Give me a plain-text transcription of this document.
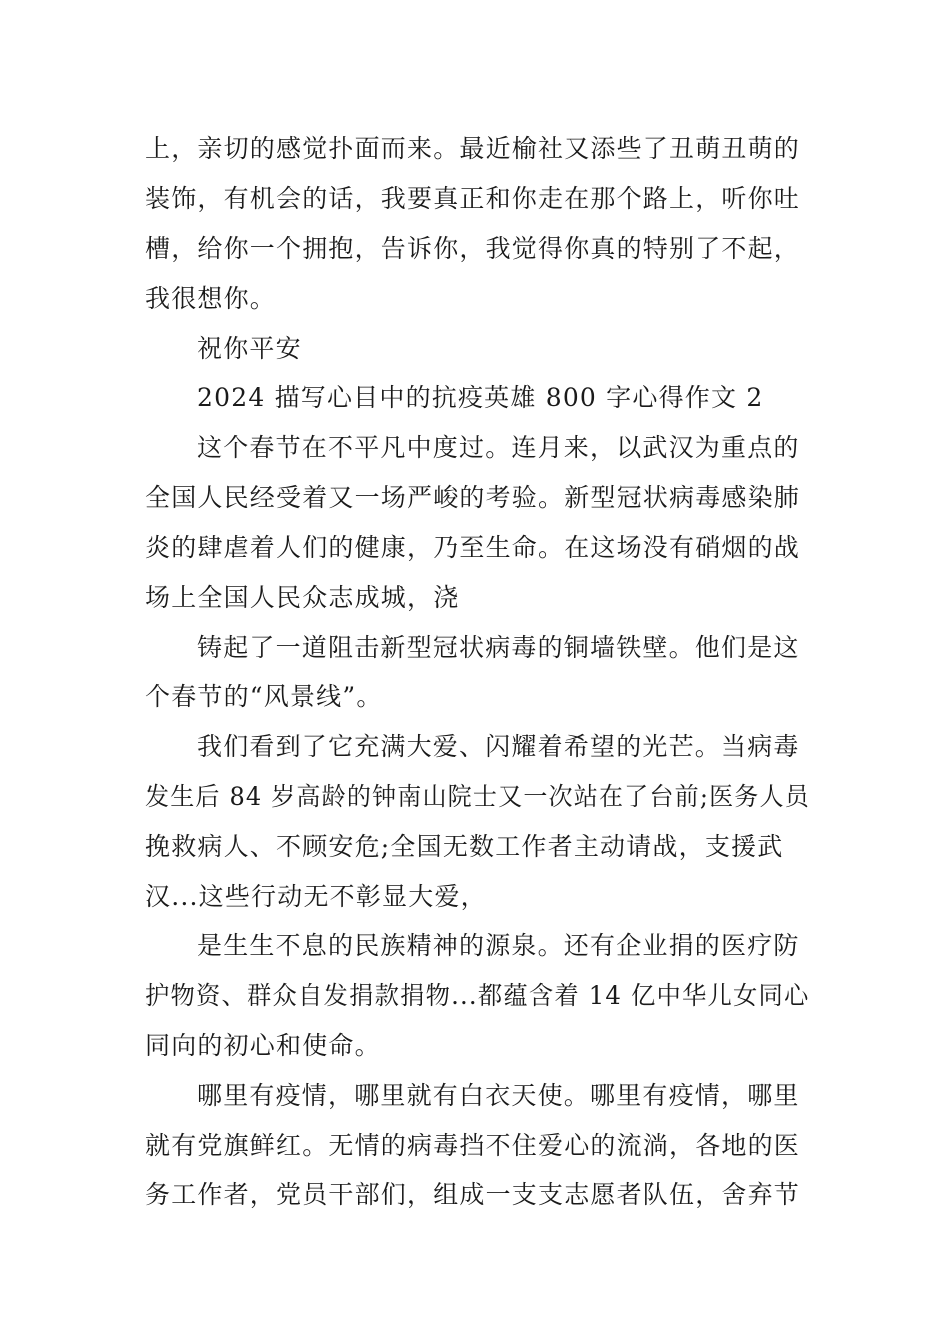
上，亲切的感觉扑面而来。最近榆社又添些了丑萌丑萌的
装饰，有机会的话，我要真正和你走在那个路上，听你吐
槽，给你一个拥抱，告诉你，我觉得你真的特别了不起，
我很想你。
祝你平安
2024 描写心目中的抗疫英雄 800 字心得作文 2
这个春节在不平凡中度过。连月来，以武汉为重点的
全国人民经受着又一场严峻的考验。新型冠状病毒感染肺
炎的肆虐着人们的健康，乃至生命。在这场没有硝烟的战
场上全国人民众志成城，浇
铸起了一道阻击新型冠状病毒的铜墙铁壁。他们是这
个春节的“风景线”。
我们看到了它充满大爱、闪耀着希望的光芒。当病毒
发生后 84 岁高龄的钟南山院士又一次站在了台前;医务人员
挽救病人、不顾安危;全国无数工作者主动请战，支援武
汉...这些行动无不彰显大爱，
是生生不息的民族精神的源泉。还有企业捐的医疗防
护物资、群众自发捐款捐物...都蕴含着 14 亿中华儿女同心
同向的初心和使命。
哪里有疫情，哪里就有白衣天使。哪里有疫情，哪里
就有党旗鲜红。无情的病毒挡不住爱心的流淌，各地的医
务工作者，党员干部们，组成一支支志愿者队伍，舍弃节
